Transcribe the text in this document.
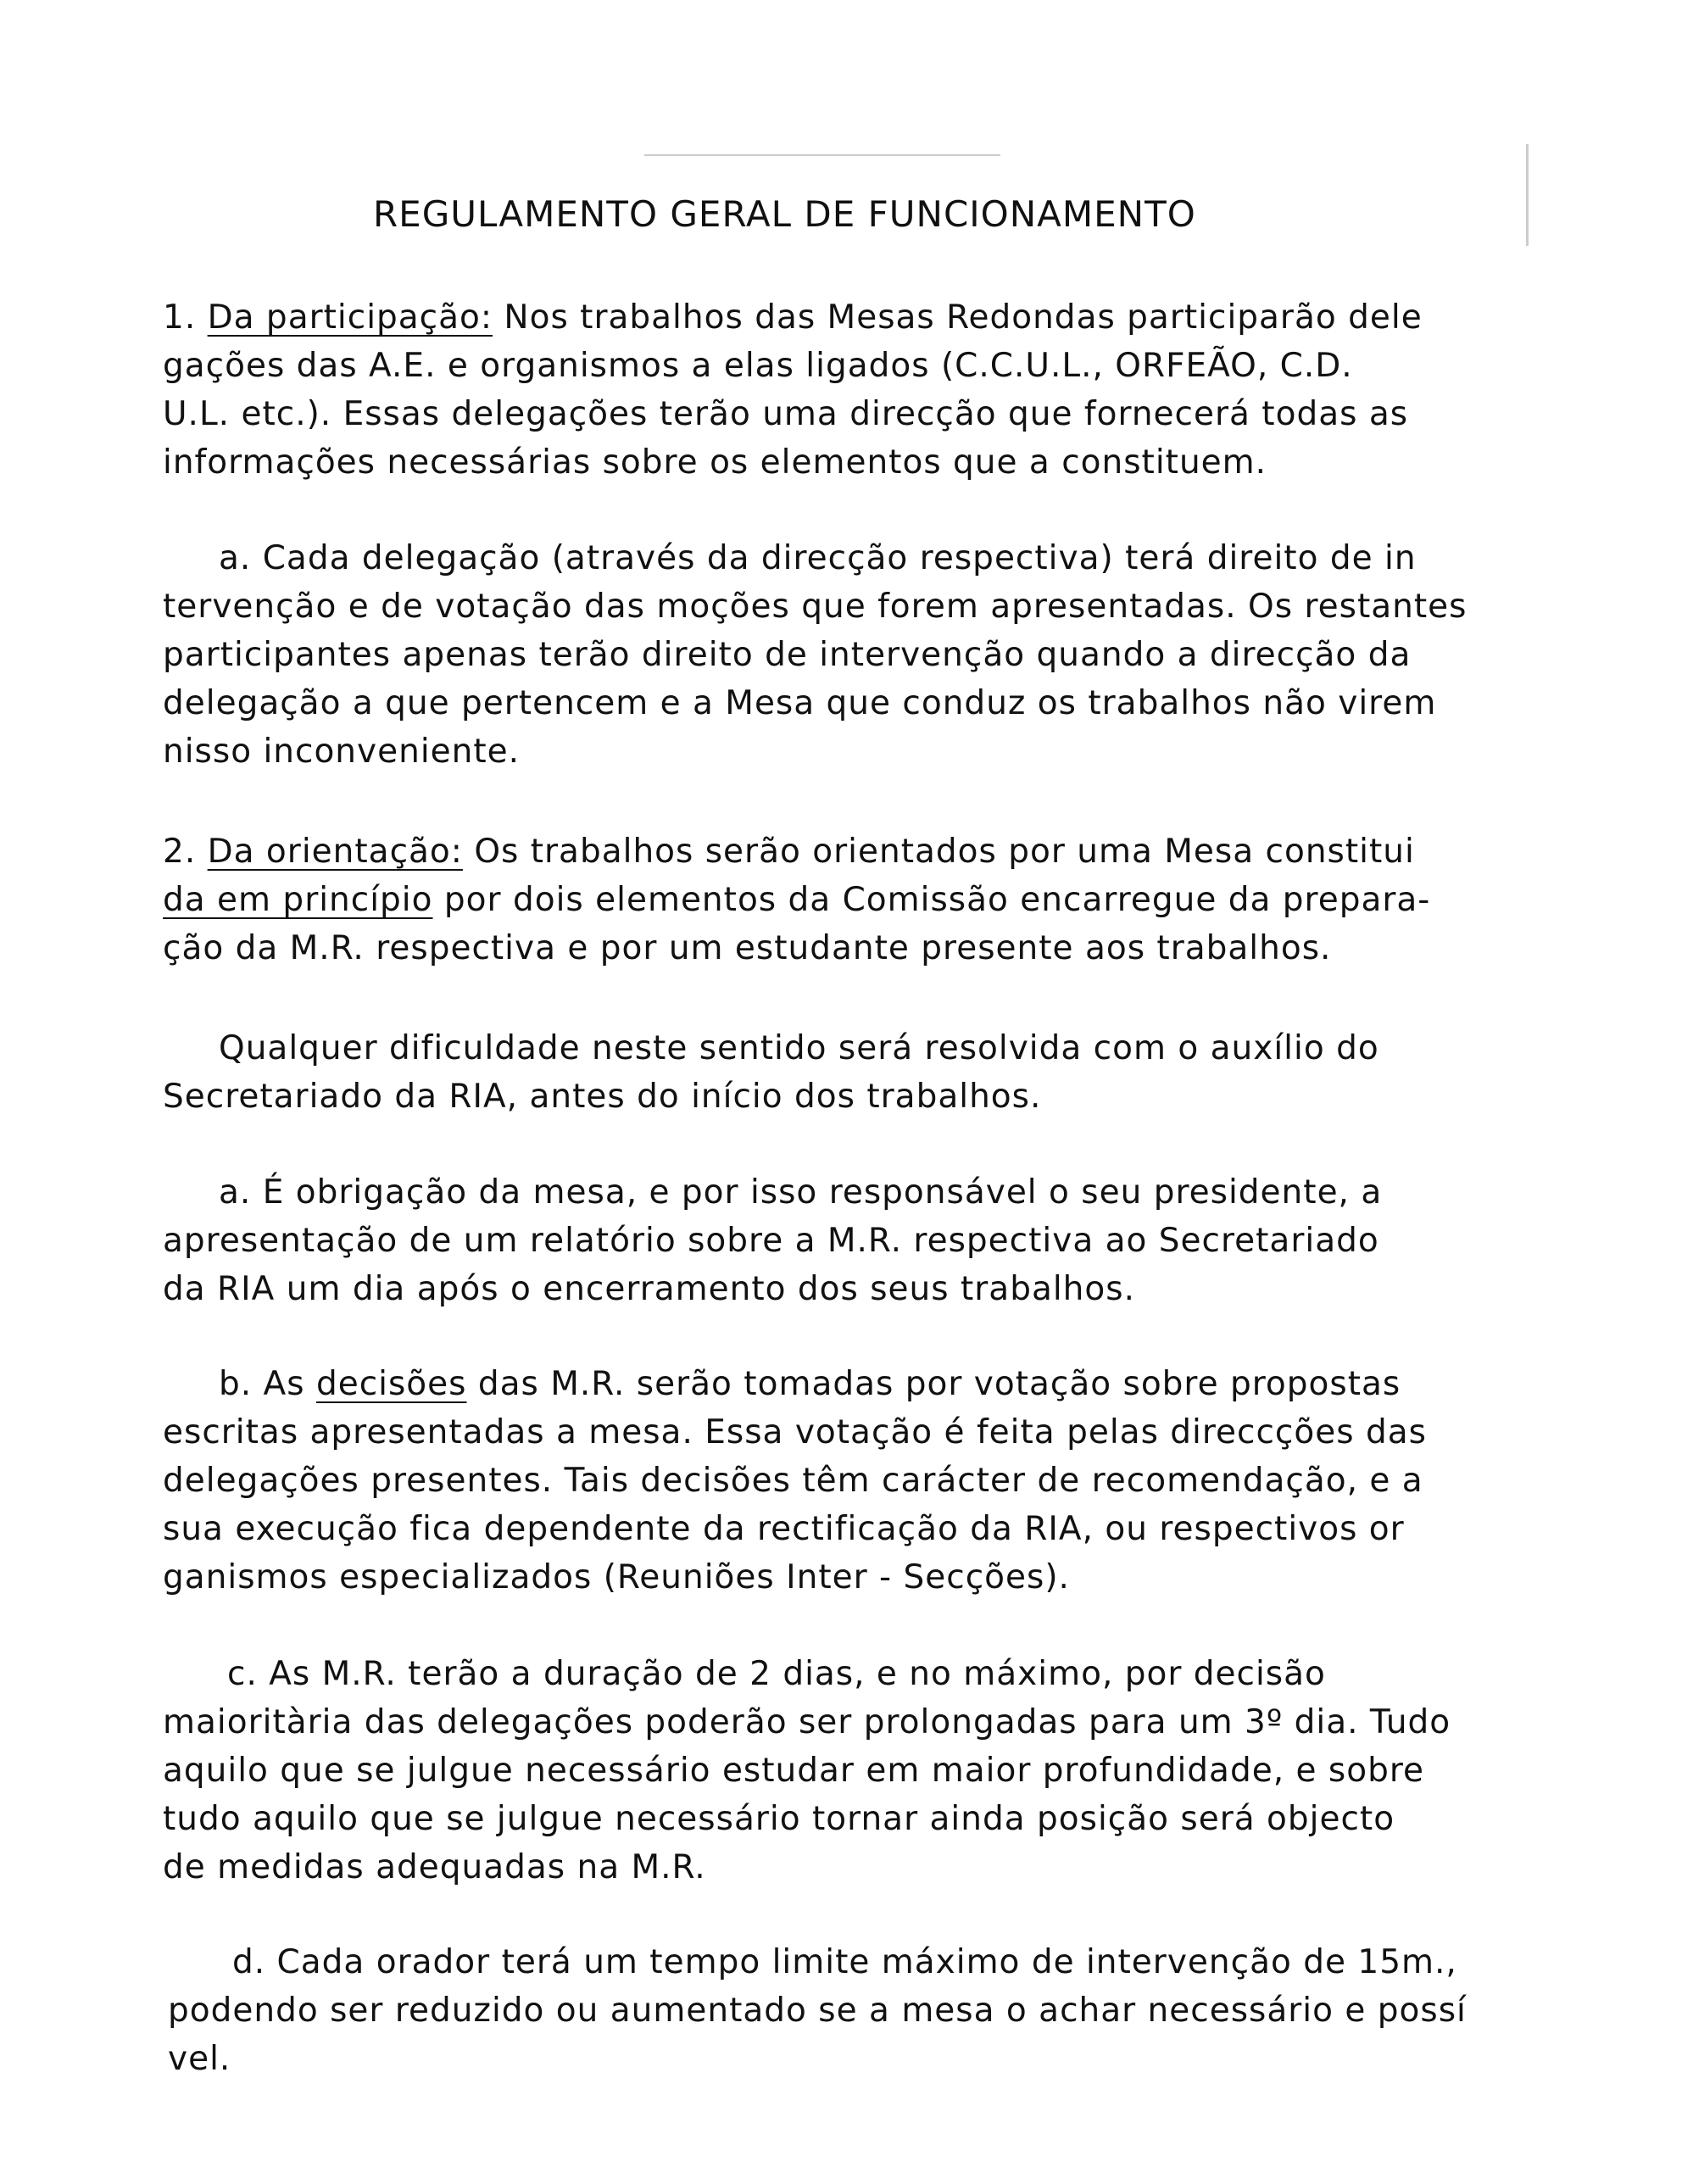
REGULAMENTO GERAL DE FUNCIONAMENTO
1. Da participação: Nos trabalhos das Mesas Redondas participarão dele
gações das A.E. e organismos a elas ligados (C.C.U.L., ORFEÃO, C.D.
U.L. etc.). Essas delegações terão uma direcção que fornecerá todas as
informações necessárias sobre os elementos que a constituem.
a. Cada delegação (através da direcção respectiva) terá direito de in
tervenção e de votação das moções que forem apresentadas. Os restantes
participantes apenas terão direito de intervenção quando a direcção da
delegação a que pertencem e a Mesa que conduz os trabalhos não virem
nisso inconveniente.
2. Da orientação: Os trabalhos serão orientados por uma Mesa constitui
da em princípio por dois elementos da Comissão encarregue da prepara-
ção da M.R. respectiva e por um estudante presente aos trabalhos.
Qualquer dificuldade neste sentido será resolvida com o auxílio do
Secretariado da RIA, antes do início dos trabalhos.
a. É obrigação da mesa, e por isso responsável o seu presidente, a
apresentação de um relatório sobre a M.R. respectiva ao Secretariado
da RIA um dia após o encerramento dos seus trabalhos.
b. As decisões das M.R. serão tomadas por votação sobre propostas
escritas apresentadas a mesa. Essa votação é feita pelas direccções das
delegações presentes. Tais decisões têm carácter de recomendação, e a
sua execução fica dependente da rectificação da RIA, ou respectivos or
ganismos especializados (Reuniões Inter - Secções).
c. As M.R. terão a duração de 2 dias, e no máximo, por decisão
maioritària das delegações poderão ser prolongadas para um 3º dia. Tudo
aquilo que se julgue necessário estudar em maior profundidade, e sobre
tudo aquilo que se julgue necessário tornar ainda posição será objecto
de medidas adequadas na M.R.
d. Cada orador terá um tempo limite máximo de intervenção de 15m.,
podendo ser reduzido ou aumentado se a mesa o achar necessário e possí
vel.
